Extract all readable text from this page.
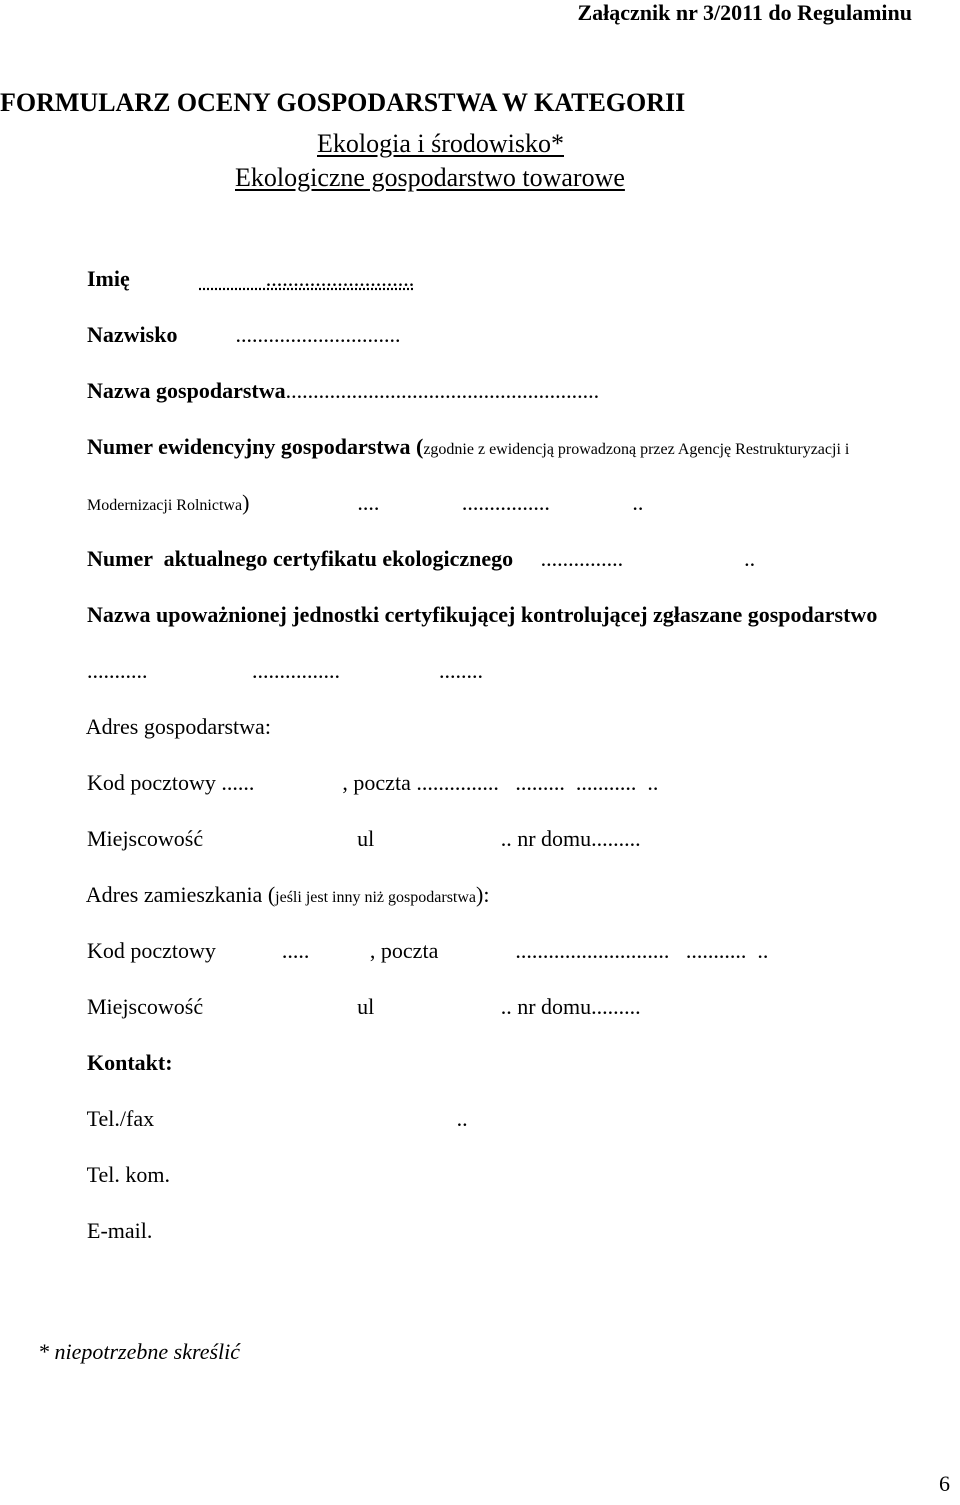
Załącznik nr 3/2011 do Regulaminu
FORMULARZ OCENY GOSPODARSTWA W KATEGORII
Ekologia i środowisko*
Ekologiczne gospodarstwo towarowe

Imię	...........................

Nazwisko        ..............................

Nazwa gospodarstwa.........................................................

Numer ewidencyjny gospodarstwa (zgodnie z ewidencją prowadzoną przez Agencję Restrukturyzacji i

Modernizacji Rolnictwa)	....               ................               ..

Numer  aktualnego certyfikatu ekologicznego     ...............                      ..

Nazwa upoważnionej jednostki certyfikującej kontrolującej zgłaszane gospodarstwo

...........                   ................                  ........

Adres gospodarstwa:

Kod pocztowy ......                , poczta ...............   .........  ...........  ..

Miejscowość	ul                       .. nr domu.........

Adres zamieszkania (jeśli jest inny niż gospodarstwa):

Kod pocztowy            .....           , poczta              ............................   ...........  ..

Miejscowość	ul                       .. nr domu.........

Kontakt:

Tel./fax                                                       ..

Tel. kom.

E-mail.

* niepotrzebne skreślić
6
